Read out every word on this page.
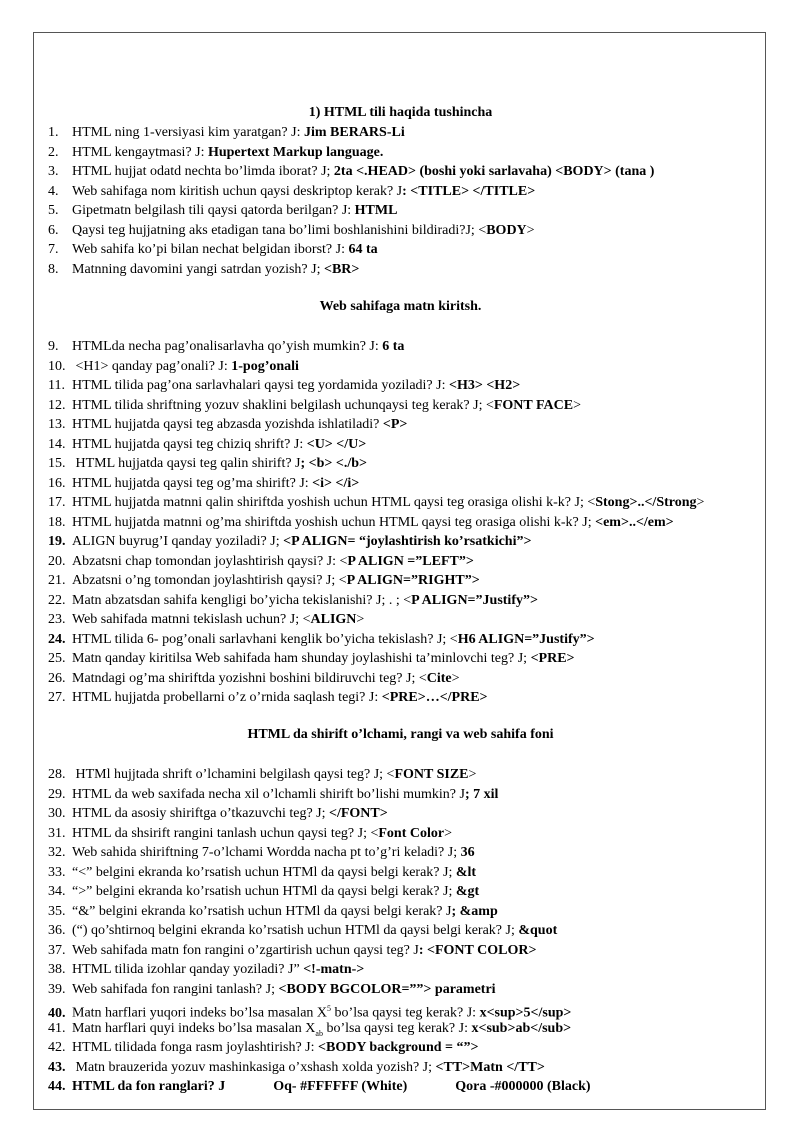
1) HTML tili haqida tushincha
Web sahifaga matn kiritsh.
HTML da shirift o’lchami, rangi va web sahifa foni
1. HTML ning 1-versiyasi kim yaratgan? J: Jim BERARS-Li
2. HTML kengaytmasi? J: Hupertext Markup language.
3. HTML hujjat odatd nechta bo’limda iborat? J; 2ta <.HEAD> (boshi yoki sarlavaha) <BODY> (tana )
4. Web sahifaga nom kiritish uchun qaysi deskriptop kerak? J: <TITLE> </TITLE>
5. Gipetmatn belgilash tili qaysi qatorda berilgan? J: HTML
6. Qaysi teg hujjatning aks etadigan tana bo’limi boshlanishini bildiradi?J; <BODY>
7. Web sahifa ko’pi bilan nechat belgidan iborst? J: 64 ta
8. Matnning davomini yangi satrdan yozish? J; <BR>
9. HTMLda necha pag’onalisarlavha qo’yish mumkin? J: 6 ta
10. <H1> qanday pag’onali? J: 1-pog’onali
11. HTML tilida pag’ona sarlavhalari qaysi teg yordamida yoziladi? J: <H3> <H2>
12. HTML tilida shriftning yozuv shaklini belgilash uchunqaysi teg kerak? J; <FONT FACE>
13. HTML hujjatda qaysi teg abzasda yozishda ishlatiladi? <P>
14. HTML hujjatda qaysi teg chiziq shrift? J: <U> </U>
15. HTML hujjatda qaysi teg qalin shirift? J; <b> <./b>
16. HTML hujjatda qaysi teg og’ma shirift? J: <i> </i>
17. HTML hujjatda matnni qalin shiriftda yoshish uchun HTML qaysi teg orasiga olishi k-k? J; <Stong>..</Strong>
18. HTML hujjatda matnni og’ma shiriftda yoshish uchun HTML qaysi teg orasiga olishi k-k? J; <em>..</em>
19. ALIGN buyrug’I qanday yoziladi? J; <P ALIGN= “joylashtirish ko’rsatkichi”>
20. Abzatsni chap tomondan joylashtirish qaysi? J: <P ALIGN =”LEFT”>
21. Abzatsni o’ng tomondan joylashtirish qaysi? J; <P ALIGN=”RIGHT”>
22. Matn abzatsdan sahifa kengligi bo’yicha tekislanishi? J; . ; <P ALIGN=”Justify”>
23. Web sahifada matnni tekislash uchun? J; <ALIGN>
24. HTML tilida 6- pog’onali sarlavhani kenglik bo’yicha tekislash? J; <H6 ALIGN=”Justify”>
25. Matn qanday kiritilsa Web sahifada ham shunday joylashishi ta’minlovchi teg? J; <PRE>
26. Matndagi og’ma shiriftda yozishni boshini bildiruvchi teg? J; <Cite>
27. HTML hujjatda probellarni o’z o’rnida saqlash tegi? J: <PRE>…</PRE>
28. HTMl hujjtada shrift o’lchamini belgilash qaysi teg? J; <FONT SIZE>
29. HTML da web saxifada necha xil o’lchamli shirift bo’lishi mumkin? J; 7 xil
30. HTML da asosiy shiriftga o’tkazuvchi teg? J; </FONT>
31. HTML da shsirift rangini tanlash uchun qaysi teg? J; <Font Color>
32. Web sahida shiriftning 7-o’lchami Wordda nacha pt to’g’ri keladi? J; 36
33. “<” belgini ekranda ko’rsatish uchun HTMl da qaysi belgi kerak? J; &lt
34. “>” belgini ekranda ko’rsatish uchun HTMl da qaysi belgi kerak? J; &gt
35. “&” belgini ekranda ko’rsatish uchun HTMl da qaysi belgi kerak? J; &amp
36. (“) qo’shtirnoq belgini ekranda ko’rsatish uchun HTMl da qaysi belgi kerak? J; &quot
37. Web sahifada matn fon rangini o’zgartirish uchun qaysi teg? J: <FONT COLOR>
38. HTML tilida izohlar qanday yoziladi? J” <!-matn->
39. Web sahifada fon rangini tanlash? J; <BODY BGCOLOR=””> parametri
40. Matn harflari yuqori indeks bo’lsa masalan $X^5$ bo’lsa qaysi teg kerak? J: x<sup>5</sup>
41. Matn harflari quyi indeks bo’lsa masalan $X_{ab}$ bo’lsa qaysi teg kerak? J: x<sub>ab</sub>
42. HTML tilidada fonga rasm joylashtirish? J: <BODY background = “”>
43. Matn brauzerida yozuv mashinkasiga o’xshash xolda yozish? J; <TT>Matn </TT>
44. HTML da fon ranglari? J	Oq- #FFFFFF (White)	Qora -#000000 (Black)
